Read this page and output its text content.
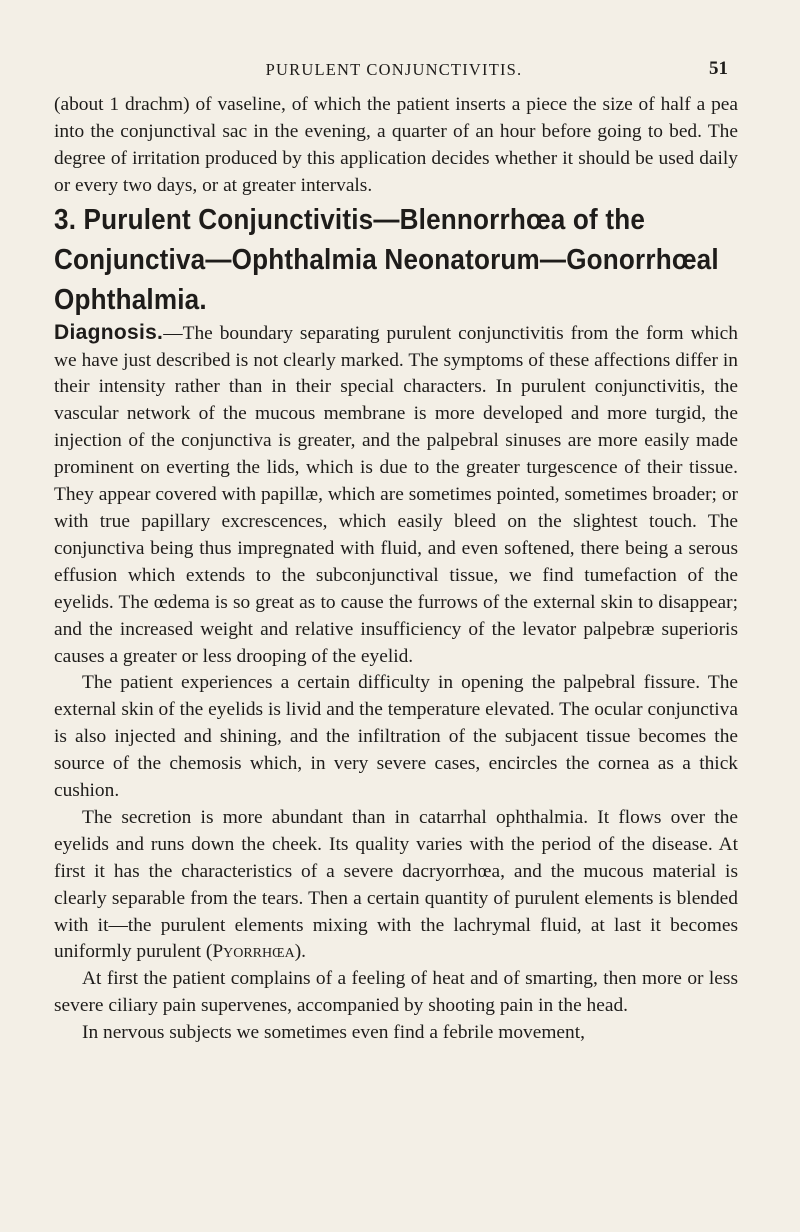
PURULENT CONJUNCTIVITIS.	51

(about 1 drachm) of vaseline, of which the patient inserts a piece the size of half a pea into the conjunctival sac in the evening, a quarter of an hour before going to bed. The degree of irritation produced by this application decides whether it should be used daily or every two days, or at greater intervals.

3. Purulent Conjunctivitis—Blennorrhœa of the Conjunctiva—Ophthalmia Neonatorum—Gonorrhœal Ophthalmia.

Diagnosis.—The boundary separating purulent conjunctivitis from the form which we have just described is not clearly marked. The symptoms of these affections differ in their intensity rather than in their special characters. In purulent conjunctivitis, the vascular network of the mucous membrane is more developed and more turgid, the injection of the conjunctiva is greater, and the palpebral sinuses are more easily made prominent on everting the lids, which is due to the greater turgescence of their tissue. They appear covered with papillæ, which are sometimes pointed, sometimes broader; or with true papillary excrescences, which easily bleed on the slightest touch. The conjunctiva being thus impregnated with fluid, and even softened, there being a serous effusion which extends to the subconjunctival tissue, we find tumefaction of the eyelids. The œdema is so great as to cause the furrows of the external skin to disappear; and the increased weight and relative insufficiency of the levator palpebræ superioris causes a greater or less drooping of the eyelid.

The patient experiences a certain difficulty in opening the palpebral fissure. The external skin of the eyelids is livid and the temperature elevated. The ocular conjunctiva is also injected and shining, and the infiltration of the subjacent tissue becomes the source of the chemosis which, in very severe cases, encircles the cornea as a thick cushion.

The secretion is more abundant than in catarrhal ophthalmia. It flows over the eyelids and runs down the cheek. Its quality varies with the period of the disease. At first it has the characteristics of a severe dacryorrhœa, and the mucous material is clearly separable from the tears. Then a certain quantity of purulent elements is blended with it—the purulent elements mixing with the lachrymal fluid, at last it becomes uniformly purulent (Pyorrhœa).

At first the patient complains of a feeling of heat and of smarting, then more or less severe ciliary pain supervenes, accompanied by shooting pain in the head.

In nervous subjects we sometimes even find a febrile movement,
